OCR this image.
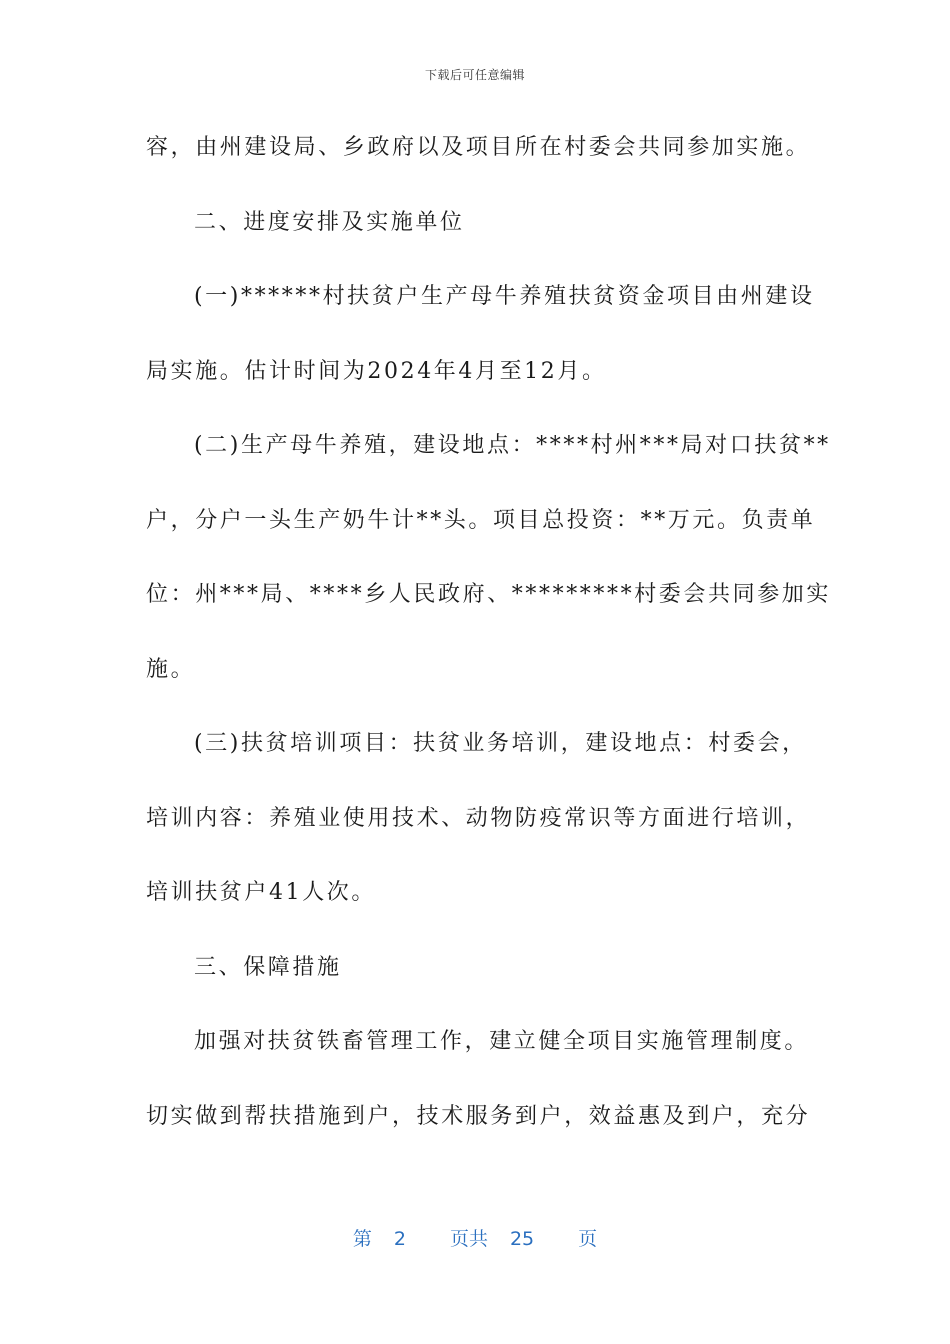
下载后可任意编辑
容，由州建设局、乡政府以及项目所在村委会共同参加实施。
二、进度安排及实施单位
(一)******村扶贫户生产母牛养殖扶贫资金项目由州建设
局实施。估计时间为2024年4月至12月。
(二)生产母牛养殖，建设地点：****村州***局对口扶贫**
户，分户一头生产奶牛计**头。项目总投资：**万元。负责单
位：州***局、****乡人民政府、*********村委会共同参加实
施。
(三)扶贫培训项目：扶贫业务培训，建设地点：村委会，
培训内容：养殖业使用技术、动物防疫常识等方面进行培训，
培训扶贫户41人次。
三、保障措施
加强对扶贫铁畜管理工作，建立健全项目实施管理制度。
切实做到帮扶措施到户，技术服务到户，效益惠及到户，充分
第 2 页共 25 页
